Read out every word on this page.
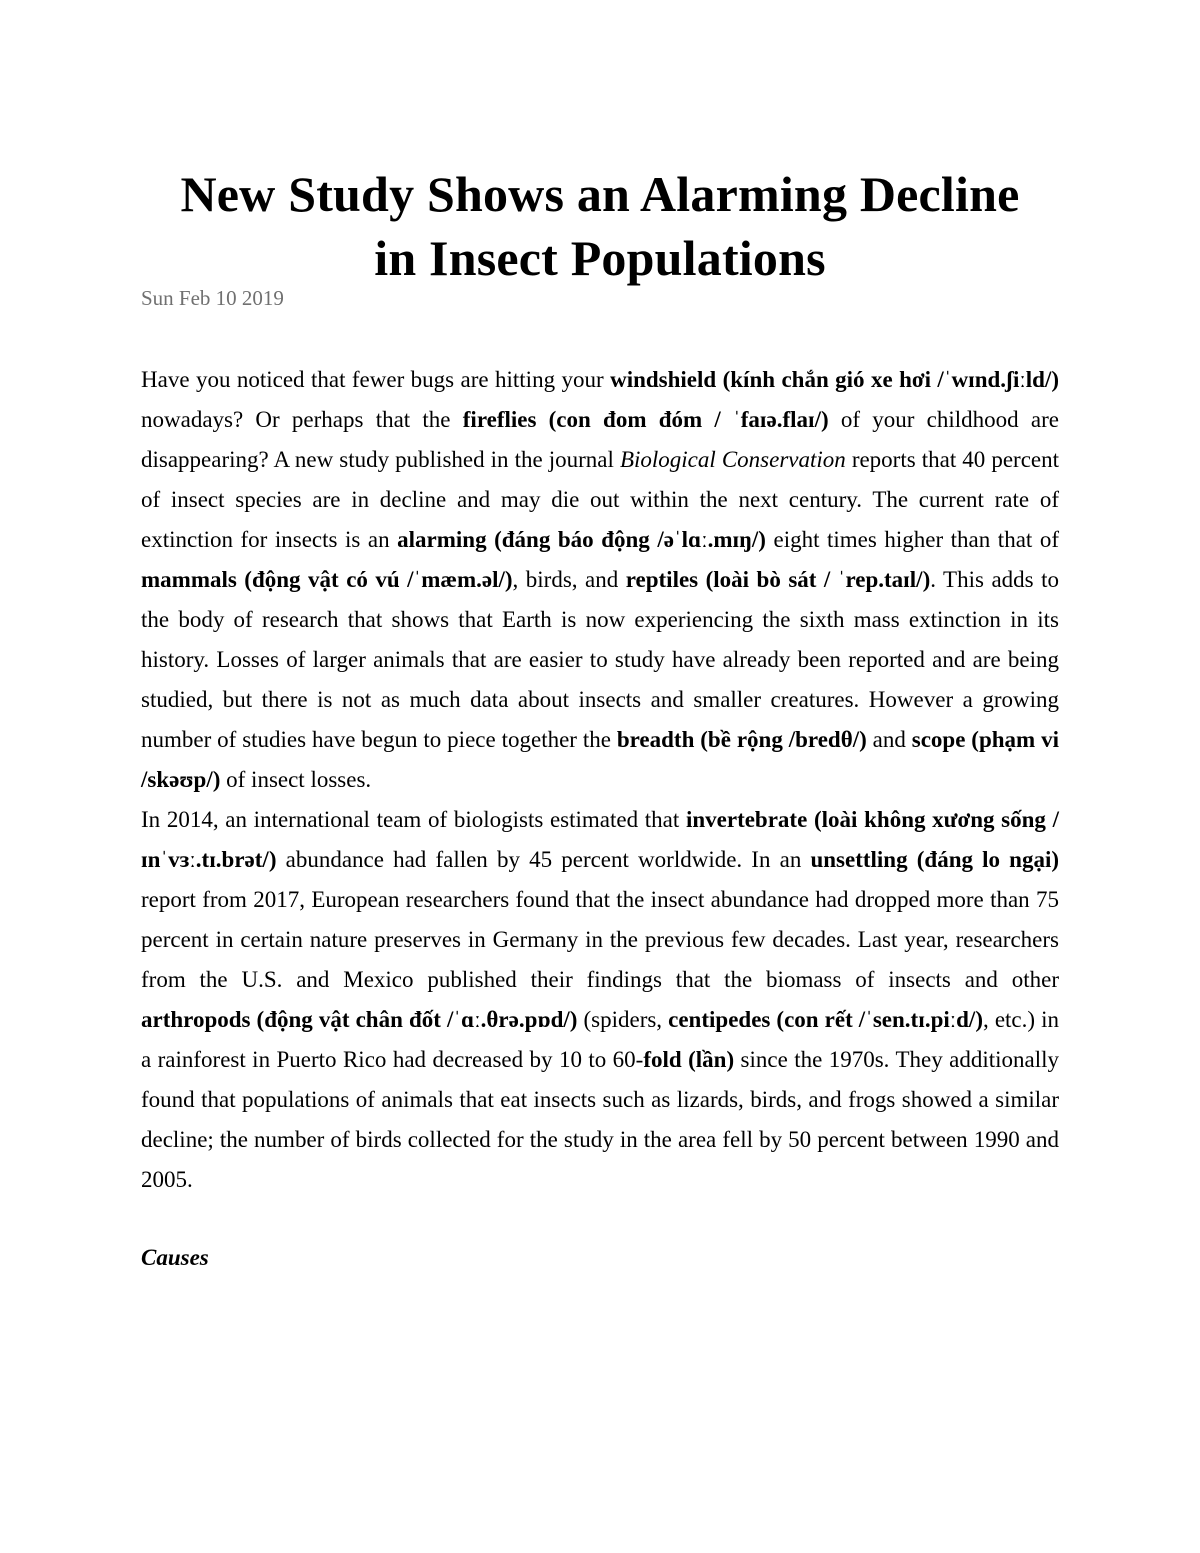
New Study Shows an Alarming Decline
in Insect Populations

Sun Feb 10 2019

Have you noticed that fewer bugs are hitting your windshield (kính chắn gió xe hơi /ˈwɪnd.ʃiːld/) nowadays? Or perhaps that the fireflies (con đom đóm / ˈfaɪə.flaɪ/) of your childhood are disappearing? A new study published in the journal Biological Conservation reports that 40 percent of insect species are in decline and may die out within the next century. The current rate of extinction for insects is an alarming (đáng báo động /əˈlɑː.mɪŋ/) eight times higher than that of mammals (động vật có vú /ˈmæm.əl/), birds, and reptiles (loài bò sát / ˈrep.taɪl/). This adds to the body of research that shows that Earth is now experiencing the sixth mass extinction in its history. Losses of larger animals that are easier to study have already been reported and are being studied, but there is not as much data about insects and smaller creatures. However a growing number of studies have begun to piece together the breadth (bề rộng /bredθ/) and scope (phạm vi /skəʊp/) of insect losses.

In 2014, an international team of biologists estimated that invertebrate (loài không xương sống /ɪnˈvɜː.tɪ.brət/) abundance had fallen by 45 percent worldwide. In an unsettling (đáng lo ngại) report from 2017, European researchers found that the insect abundance had dropped more than 75 percent in certain nature preserves in Germany in the previous few decades. Last year, researchers from the U.S. and Mexico published their findings that the biomass of insects and other arthropods (động vật chân đốt /ˈɑː.θrə.pɒd/) (spiders, centipedes (con rết /ˈsen.tɪ.piːd/), etc.) in a rainforest in Puerto Rico had decreased by 10 to 60-fold (lần) since the 1970s. They additionally found that populations of animals that eat insects such as lizards, birds, and frogs showed a similar decline; the number of birds collected for the study in the area fell by 50 percent between 1990 and 2005.

Causes
